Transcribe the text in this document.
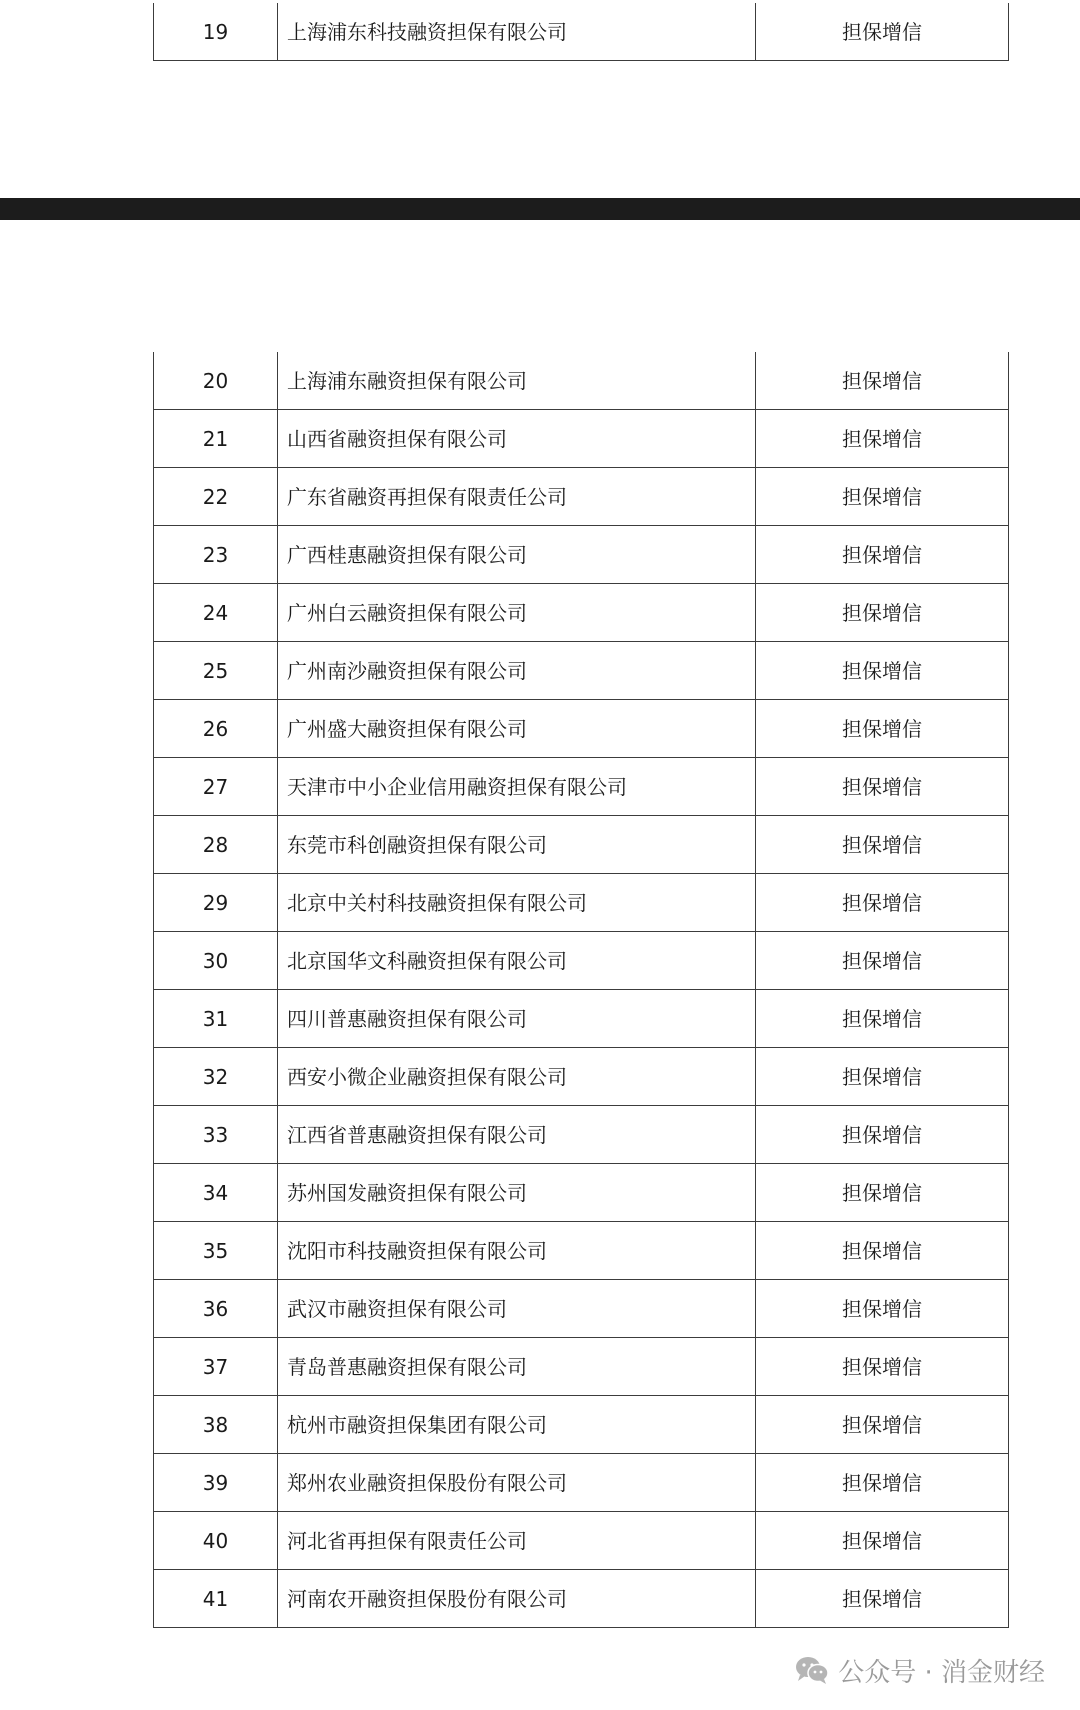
19	上海浦东科技融资担保有限公司	担保增信
20	上海浦东融资担保有限公司	担保增信
21	山西省融资担保有限公司	担保增信
22	广东省融资再担保有限责任公司	担保增信
23	广西桂惠融资担保有限公司	担保增信
24	广州白云融资担保有限公司	担保增信
25	广州南沙融资担保有限公司	担保增信
26	广州盛大融资担保有限公司	担保增信
27	天津市中小企业信用融资担保有限公司	担保增信
28	东莞市科创融资担保有限公司	担保增信
29	北京中关村科技融资担保有限公司	担保增信
30	北京国华文科融资担保有限公司	担保增信
31	四川普惠融资担保有限公司	担保增信
32	西安小微企业融资担保有限公司	担保增信
33	江西省普惠融资担保有限公司	担保增信
34	苏州国发融资担保有限公司	担保增信
35	沈阳市科技融资担保有限公司	担保增信
36	武汉市融资担保有限公司	担保增信
37	青岛普惠融资担保有限公司	担保增信
38	杭州市融资担保集团有限公司	担保增信
39	郑州农业融资担保股份有限公司	担保增信
40	河北省再担保有限责任公司	担保增信
41	河南农开融资担保股份有限公司	担保增信
公众号 · 消金财经
